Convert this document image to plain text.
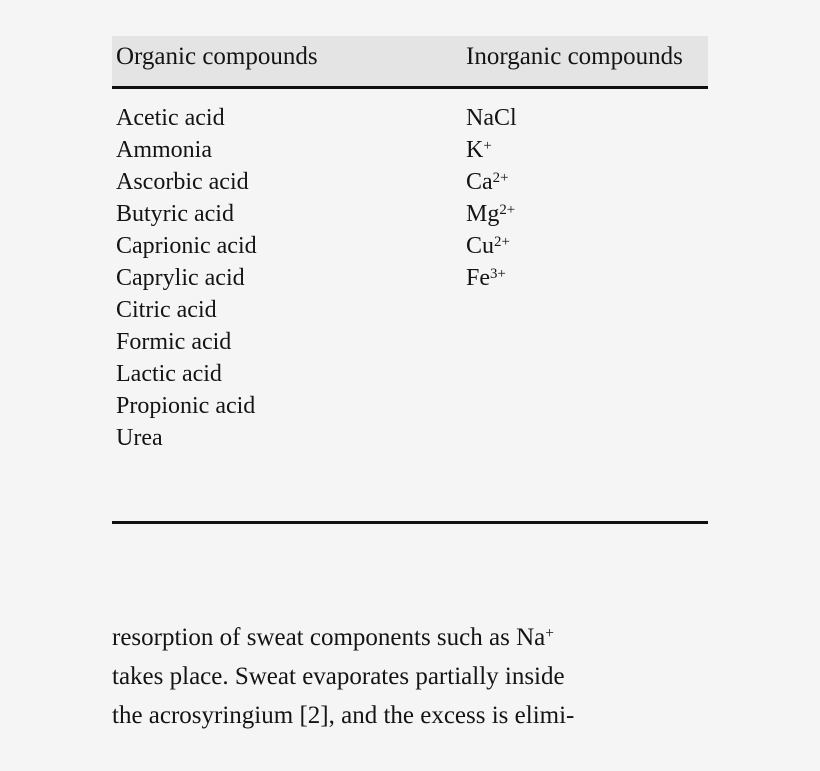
Organic compounds	Inorganic compounds
Acetic acid
Ammonia
Ascorbic acid
Butyric acid
Caprionic acid
Caprylic acid
Citric acid
Formic acid
Lactic acid
Propionic acid
Urea
NaCl
K+
$Ca^{2+}$
$Mg^{2+}$
$Cu^{2+}$
$Fe^{3+}$
resorption of sweat components such as Na+
takes place. Sweat evaporates partially inside
the acrosyringium [2], and the excess is elimi-
